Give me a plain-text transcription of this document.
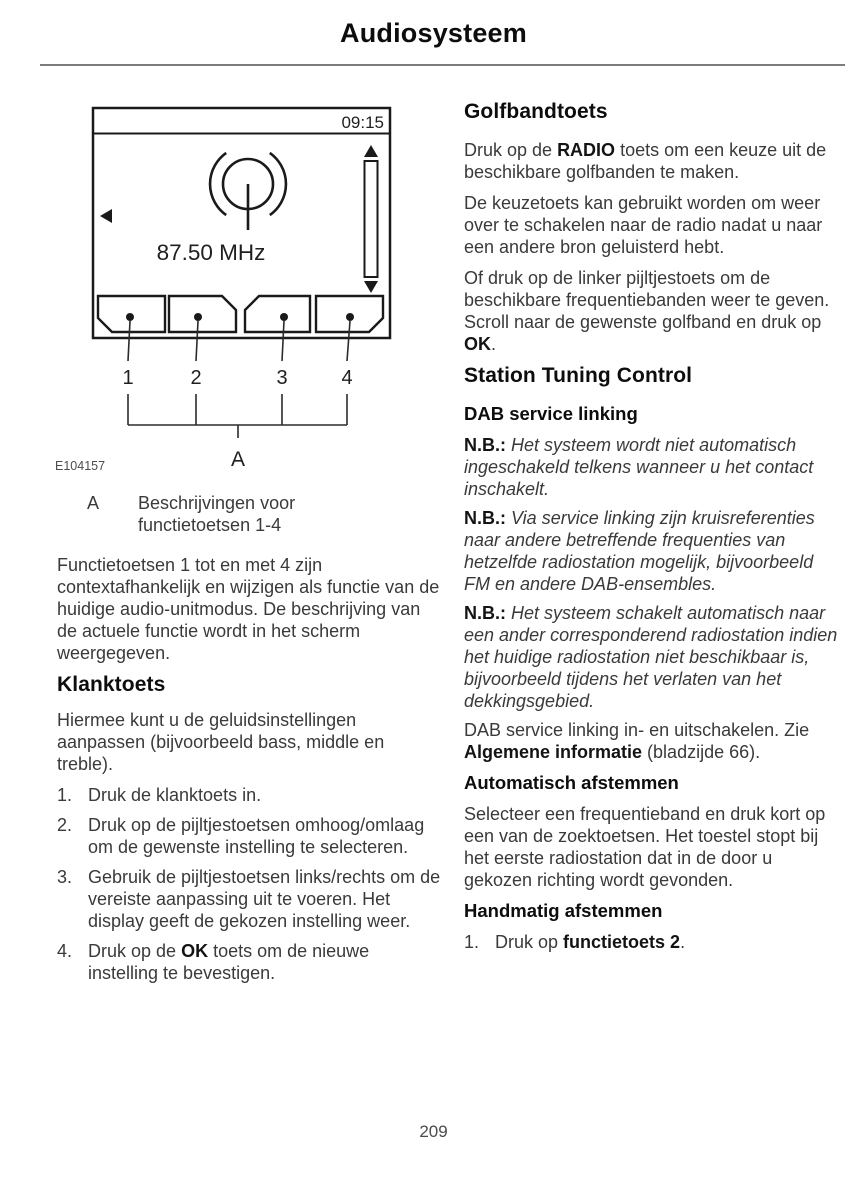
Audiosysteem
09:15
87.50 MHz
1	2	3	4
A
E104157
A	Beschrijvingen voor functietoetsen 1-4

Functietoetsen 1 tot en met 4 zijn contextafhankelijk en wijzigen als functie van de huidige audio-unitmodus. De beschrijving van de actuele functie wordt in het scherm weergegeven.

Klanktoets

Hiermee kunt u de geluidsinstellingen aanpassen (bijvoorbeeld bass, middle en treble).

1. Druk de klanktoets in.
2. Druk op de pijltjestoetsen omhoog/omlaag om de gewenste instelling te selecteren.
3. Gebruik de pijltjestoetsen links/rechts om de vereiste aanpassing uit te voeren. Het display geeft de gekozen instelling weer.
4. Druk op de OK toets om de nieuwe instelling te bevestigen.
Golfbandtoets

Druk op de RADIO toets om een keuze uit de beschikbare golfbanden te maken.

De keuzetoets kan gebruikt worden om weer over te schakelen naar de radio nadat u naar een andere bron geluisterd hebt.

Of druk op de linker pijltjestoets om de beschikbare frequentiebanden weer te geven. Scroll naar de gewenste golfband en druk op OK.

Station Tuning Control
DAB service linking

N.B.: Het systeem wordt niet automatisch ingeschakeld telkens wanneer u het contact inschakelt.

N.B.: Via service linking zijn kruisreferenties naar andere betreffende frequenties van hetzelfde radiostation mogelijk, bijvoorbeeld FM en andere DAB-ensembles.

N.B.: Het systeem schakelt automatisch naar een ander corresponderend radiostation indien het huidige radiostation niet beschikbaar is, bijvoorbeeld tijdens het verlaten van het dekkingsgebied.

DAB service linking in- en uitschakelen. Zie Algemene informatie (bladzijde 66).

Automatisch afstemmen

Selecteer een frequentieband en druk kort op een van de zoektoetsen. Het toestel stopt bij het eerste radiostation dat in de door u gekozen richting wordt gevonden.

Handmatig afstemmen
1. Druk op functietoets 2.
209
